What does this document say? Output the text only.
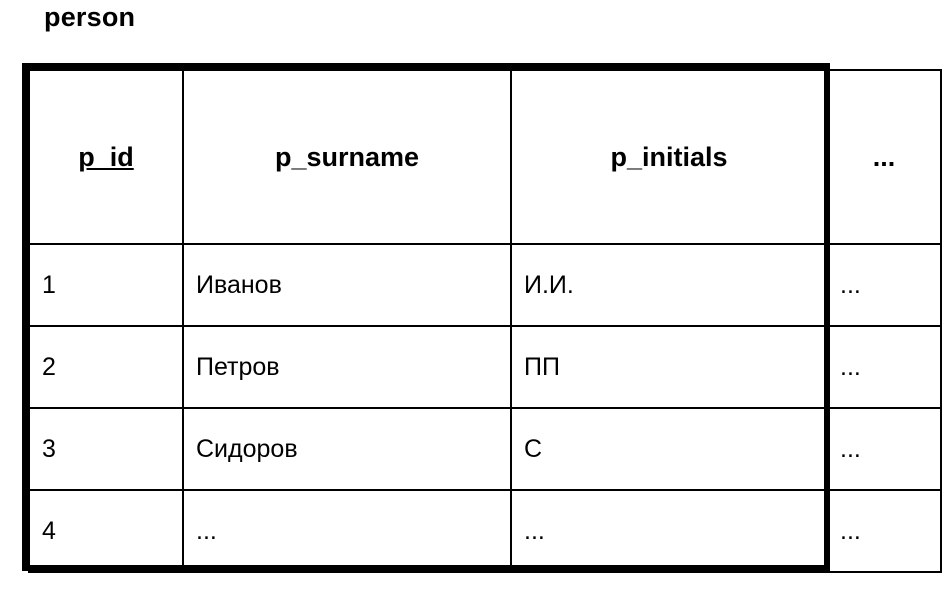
person
p_id	p_surname	p_initials	...
1	Иванов	И.И.	...
2	Петров	ПП	...
3	Сидоров	С	...
4	...	...	...
